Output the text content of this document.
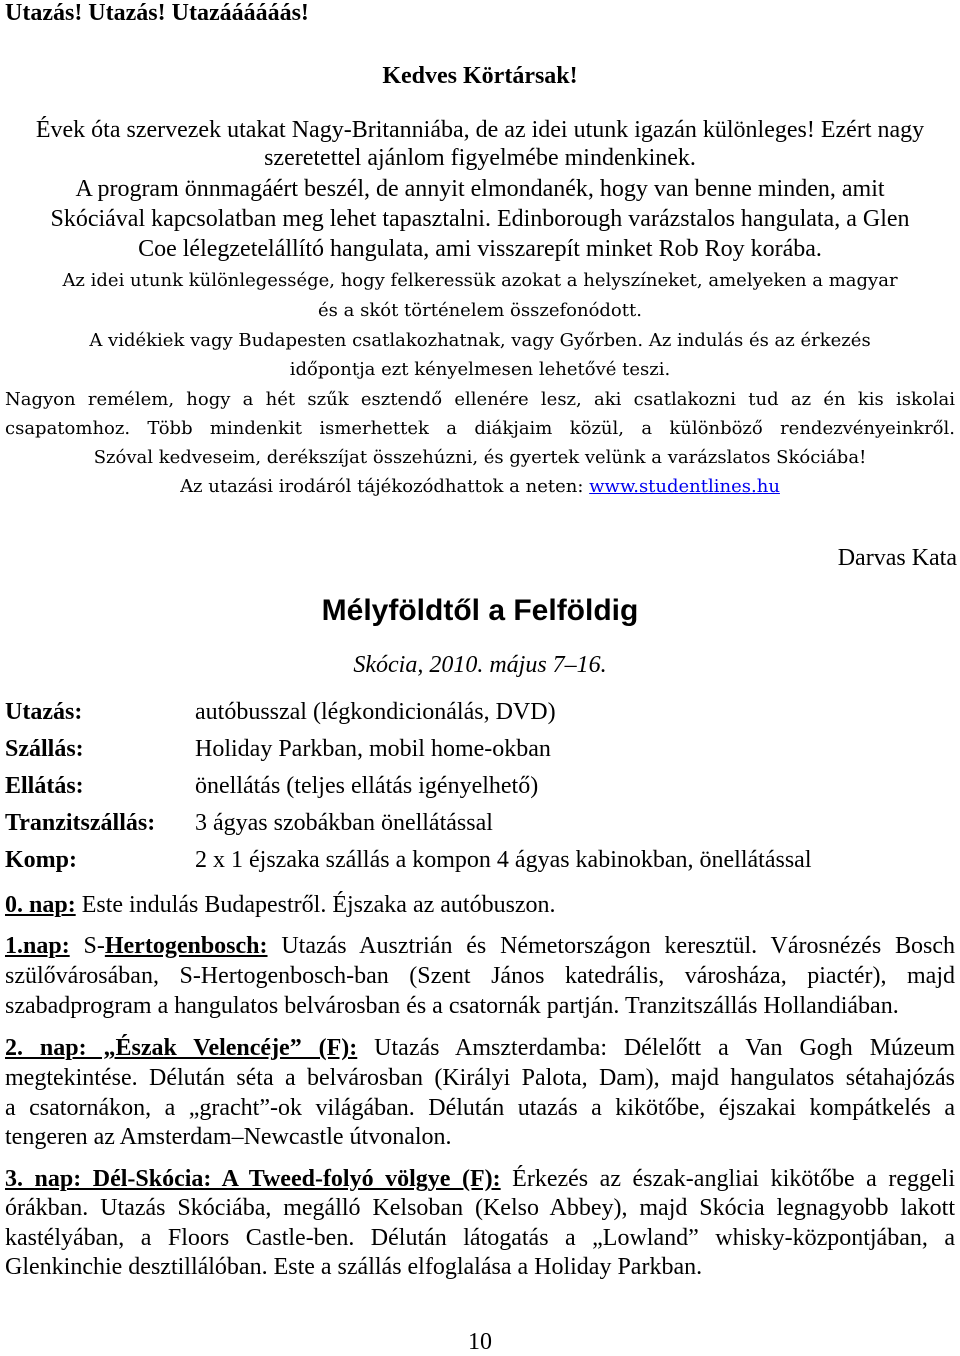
Utazás! Utazás! Utazáááááás!
Kedves Körtársak!
Évek óta szervezek utakat Nagy-Britanniába, de az idei utunk igazán különleges! Ezért nagy
szeretettel ajánlom figyelmébe mindenkinek.
A program önnmagáért beszél, de annyit elmondanék, hogy van benne minden, amit
Skóciával kapcsolatban meg lehet tapasztalni. Edinborough varázstalos hangulata, a Glen
Coe lélegzetelállító hangulata, ami visszarepít minket Rob Roy korába.
Az idei utunk különlegessége, hogy felkeressük azokat a helyszíneket, amelyeken a magyar
és a skót történelem összefonódott.
A vidékiek vagy Budapesten csatlakozhatnak, vagy Győrben. Az indulás és az érkezés
időpontja ezt kényelmesen lehetővé teszi.
Nagyon remélem, hogy a hét szűk esztendő ellenére lesz, aki csatlakozni tud az én kis iskolai
csapatomhoz. Több mindenkit ismerhettek a diákjaim közül, a különböző rendezvényeinkről.
Szóval kedveseim, derékszíjat összehúzni, és gyertek velünk a varázslatos Skóciába!
Az utazási irodáról tájékozódhattok a neten: www.studentlines.hu
Darvas Kata
Mélyföldtől a Felföldig
Skócia, 2010. május 7–16.
Utazás:	autóbusszal (légkondicionálás, DVD)
Szállás:	Holiday Parkban, mobil home-okban
Ellátás:	önellátás (teljes ellátás igényelhető)
Tranzitszállás: 3 ágyas szobákban önellátással
Komp:	2 x 1 éjszaka szállás a kompon 4 ágyas kabinokban, önellátással
0. nap: Este indulás Budapestről. Éjszaka az autóbuszon.
1.nap: S-Hertogenbosch: Utazás Ausztrián és Németországon keresztül. Városnézés Bosch
szülővárosában, S-Hertogenbosch-ban (Szent János katedrális, városháza, piactér), majd
szabadprogram a hangulatos belvárosban és a csatornák partján. Tranzitszállás Hollandiában.
2. nap: „Észak Velencéje” (F): Utazás Amszterdamba: Délelőtt a Van Gogh Múzeum
megtekintése. Délután séta a belvárosban (Királyi Palota, Dam), majd hangulatos sétahajózás
a csatornákon, a „gracht”-ok világában. Délután utazás a kikötőbe, éjszakai kompátkelés a
tengeren az Amsterdam–Newcastle útvonalon.
3. nap: Dél-Skócia: A Tweed-folyó völgye (F): Érkezés az észak-angliai kikötőbe a reggeli
órákban. Utazás Skóciába, megálló Kelsoban (Kelso Abbey), majd Skócia legnagyobb lakott
kastélyában, a Floors Castle-ben. Délután látogatás a „Lowland” whisky-központjában, a
Glenkinchie desztillálóban. Este a szállás elfoglalása a Holiday Parkban.
10
